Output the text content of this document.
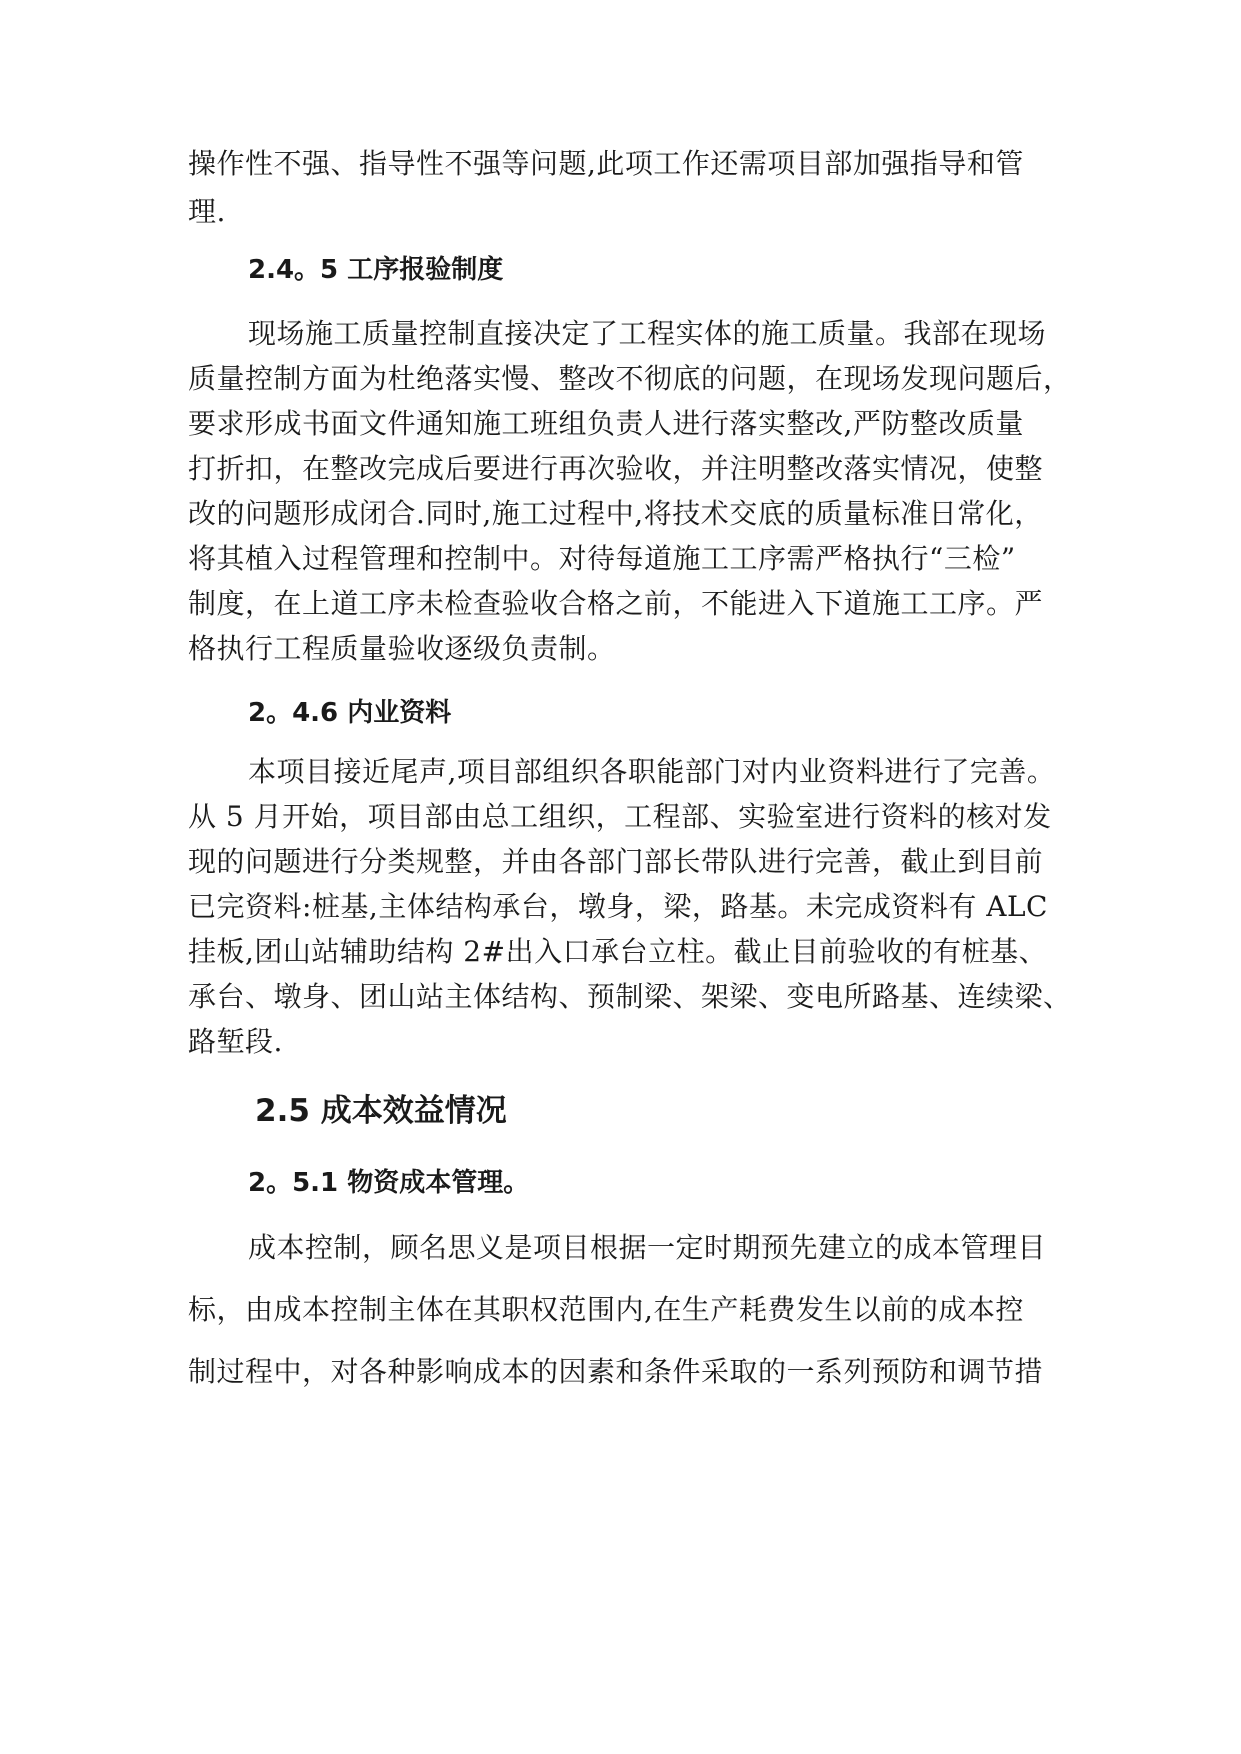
操作性不强、指导性不强等问题,此项工作还需项目部加强指导和管
理.
2.4。5 工序报验制度
现场施工质量控制直接决定了工程实体的施工质量。我部在现场
质量控制方面为杜绝落实慢、整改不彻底的问题，在现场发现问题后，
要求形成书面文件通知施工班组负责人进行落实整改,严防整改质量
打折扣，在整改完成后要进行再次验收，并注明整改落实情况，使整
改的问题形成闭合.同时,施工过程中,将技术交底的质量标准日常化，
将其植入过程管理和控制中。对待每道施工工序需严格执行“三检”
制度，在上道工序未检查验收合格之前，不能进入下道施工工序。严
格执行工程质量验收逐级负责制。
2。4.6 内业资料
本项目接近尾声,项目部组织各职能部门对内业资料进行了完善。
从 5 月开始，项目部由总工组织，工程部、实验室进行资料的核对发
现的问题进行分类规整，并由各部门部长带队进行完善，截止到目前
已完资料:桩基,主体结构承台，墩身，梁，路基。未完成资料有 ALC
挂板,团山站辅助结构 2#出入口承台立柱。截止目前验收的有桩基、
承台、墩身、团山站主体结构、预制梁、架梁、变电所路基、连续梁、
路堑段.
2.5 成本效益情况
2。5.1 物资成本管理。
成本控制，顾名思义是项目根据一定时期预先建立的成本管理目
标，由成本控制主体在其职权范围内,在生产耗费发生以前的成本控
制过程中，对各种影响成本的因素和条件采取的一系列预防和调节措
